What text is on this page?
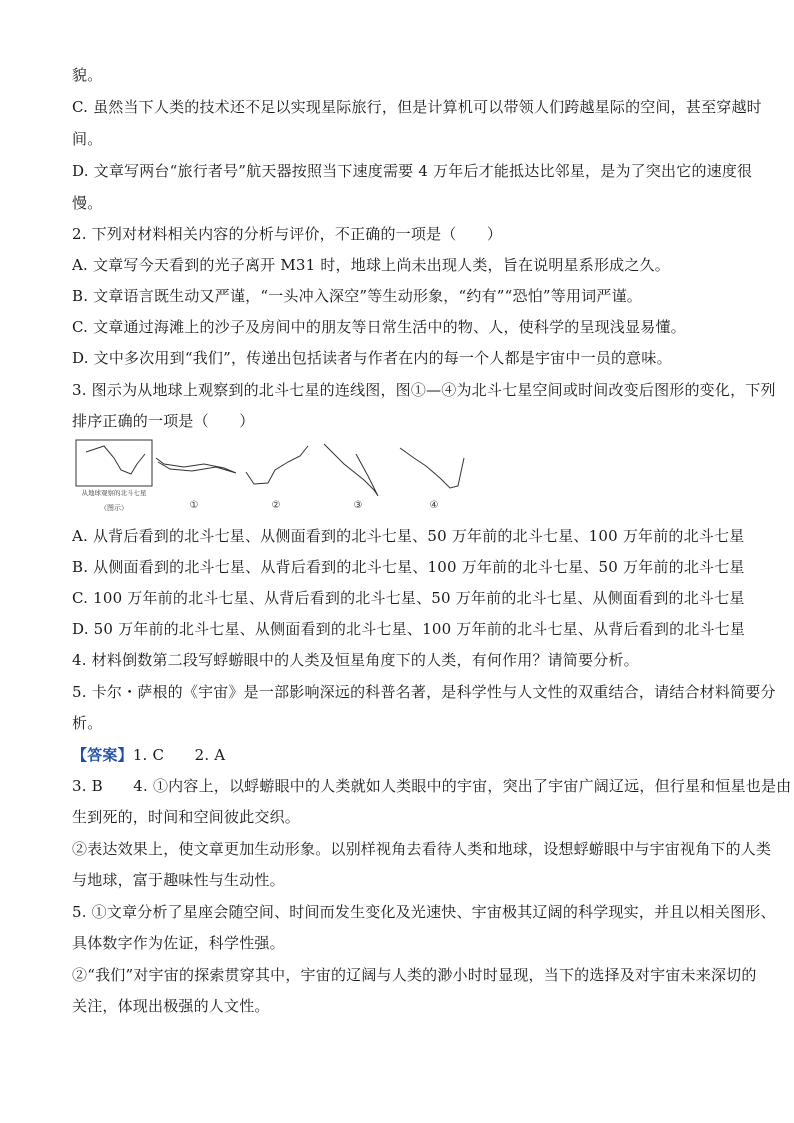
貌。

C. 虽然当下人类的技术还不足以实现星际旅行，但是计算机可以带领人们跨越星际的空间，甚至穿越时

间。

D. 文章写两台“旅行者号”航天器按照当下速度需要 4 万年后才能抵达比邻星，是为了突出它的速度很

慢。

2. 下列对材料相关内容的分析与评价，不正确的一项是（　　）

A. 文章写今天看到的光子离开 M31 时，地球上尚未出现人类，旨在说明星系形成之久。

B. 文章语言既生动又严谨，“一头冲入深空”等生动形象，“约有”“恐怕”等用词严谨。

C. 文章通过海滩上的沙子及房间中的朋友等日常生活中的物、人，使科学的呈现浅显易懂。

D. 文中多次用到“我们”，传递出包括读者与作者在内的每一个人都是宇宙中一员的意味。

3. 图示为从地球上观察到的北斗七星的连线图，图①—④为北斗七星空间或时间改变后图形的变化，下列

排序正确的一项是（　　）

从地球观察的北斗七星
（图示）	①	②	③	④

A. 从背后看到的北斗七星、从侧面看到的北斗七星、50 万年前的北斗七星、100 万年前的北斗七星

B. 从侧面看到的北斗七星、从背后看到的北斗七星、100 万年前的北斗七星、50 万年前的北斗七星

C. 100 万年前的北斗七星、从背后看到的北斗七星、50 万年前的北斗七星、从侧面看到的北斗七星

D. 50 万年前的北斗七星、从侧面看到的北斗七星、100 万年前的北斗七星、从背后看到的北斗七星

4. 材料倒数第二段写蜉蝣眼中的人类及恒星角度下的人类，有何作用？请简要分析。

5. 卡尔・萨根的《宇宙》是一部影响深远的科普名著，是科学性与人文性的双重结合，请结合材料简要分

析。

【答案】1. C　　2. A

3. B　　4. ①内容上，以蜉蝣眼中的人类就如人类眼中的宇宙，突出了宇宙广阔辽远，但行星和恒星也是由

生到死的，时间和空间彼此交织。

②表达效果上，使文章更加生动形象。以别样视角去看待人类和地球，设想蜉蝣眼中与宇宙视角下的人类

与地球，富于趣味性与生动性。

5. ①文章分析了星座会随空间、时间而发生变化及光速快、宇宙极其辽阔的科学现实，并且以相关图形、

具体数字作为佐证，科学性强。

②“我们”对宇宙的探索贯穿其中，宇宙的辽阔与人类的渺小时时显现，当下的选择及对宇宙未来深切的

关注，体现出极强的人文性。
